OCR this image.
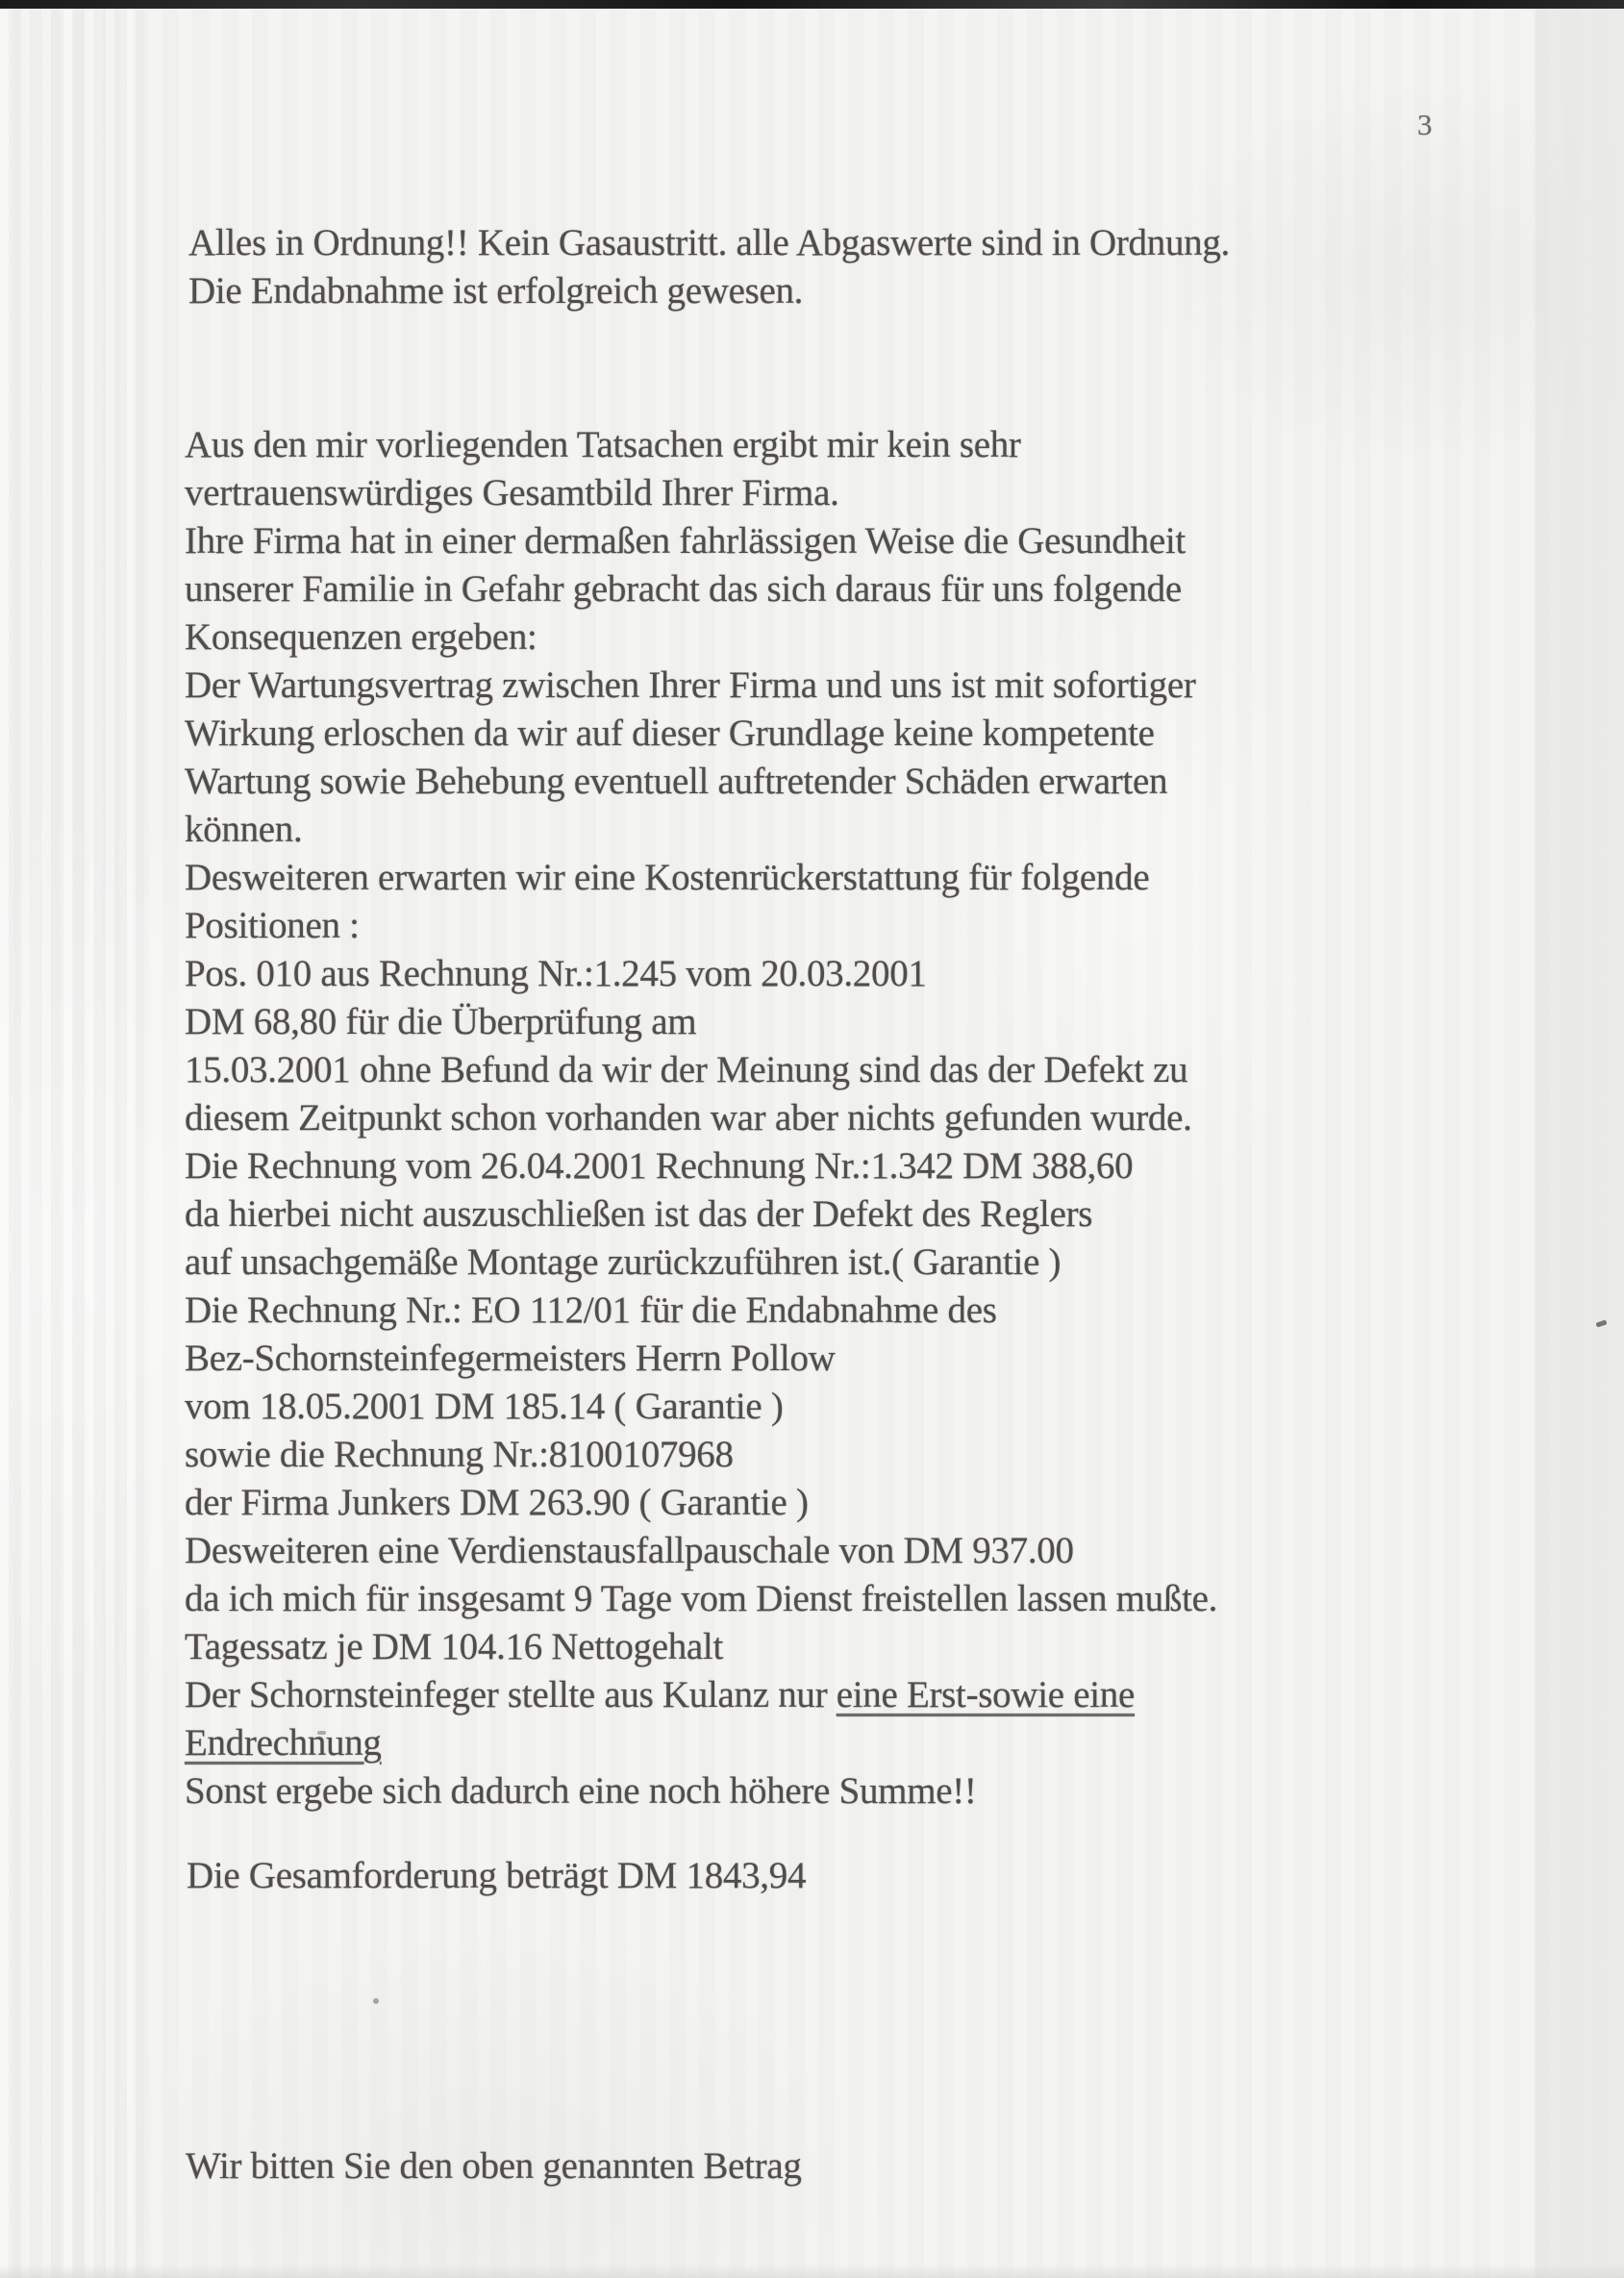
3
Alles in Ordnung!! Kein Gasaustritt. alle Abgaswerte sind in Ordnung.
Die Endabnahme ist erfolgreich gewesen.
Aus den mir vorliegenden Tatsachen ergibt mir kein sehr
vertrauenswürdiges Gesamtbild Ihrer Firma.
Ihre Firma hat in einer dermaßen fahrlässigen Weise die Gesundheit
unserer Familie in Gefahr gebracht das sich daraus für uns folgende
Konsequenzen ergeben:
Der Wartungsvertrag zwischen Ihrer Firma und uns ist mit sofortiger
Wirkung erloschen da wir auf dieser Grundlage keine kompetente
Wartung sowie Behebung eventuell auftretender Schäden erwarten
können.
Desweiteren erwarten wir eine Kostenrückerstattung für folgende
Positionen :
Pos. 010 aus Rechnung Nr.:1.245 vom 20.03.2001
DM 68,80 für die Überprüfung am
15.03.2001 ohne Befund da wir der Meinung sind das der Defekt zu
diesem Zeitpunkt schon vorhanden war aber nichts gefunden wurde.
Die Rechnung vom 26.04.2001 Rechnung Nr.:1.342 DM 388,60
da hierbei nicht auszuschließen ist das der Defekt des Reglers
auf unsachgemäße Montage zurückzuführen ist.( Garantie )
Die Rechnung Nr.: EO 112/01 für die Endabnahme des
Bez-Schornsteinfegermeisters Herrn Pollow
vom 18.05.2001 DM 185.14 ( Garantie )
sowie die Rechnung Nr.:8100107968
der Firma Junkers DM 263.90 ( Garantie )
Desweiteren eine Verdienstausfallpauschale von DM 937.00
da ich mich für insgesamt 9 Tage vom Dienst freistellen lassen mußte.
Tagessatz je DM 104.16 Nettogehalt
Der Schornsteinfeger stellte aus Kulanz nur eine Erst-sowie eine
Endrechnung
Sonst ergebe sich dadurch eine noch höhere Summe!!
Die Gesamforderung beträgt DM 1843,94
Wir bitten Sie den oben genannten Betrag
